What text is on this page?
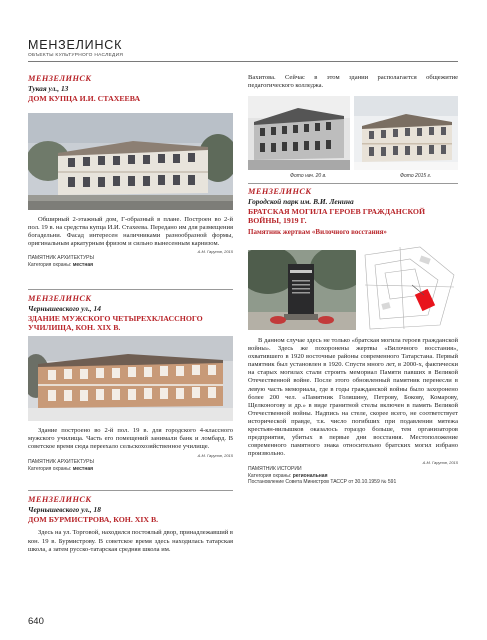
МЕНЗЕЛИНСК
ОБЪЕКТЫ КУЛЬТУРНОГО НАСЛЕДИЯ
МЕНЗЕЛИНСК
Тукая ул., 13
ДОМ КУПЦА И.И. СТАХЕЕВА

Обширный 2-этажный дом, Г-образный в плане. Построен во 2-й пол. 19 в. на средства купца И.И. Стахеева. Передано им для размещения богадельни. Фасад интересен наличниками разнообразной формы, оригинальным аркатурным фризом и сильно вынесенным карнизом.

А.М. Гарунов, 2015
ПАМЯТНИК АРХИТЕКТУРЫ
Категория охраны: местная
МЕНЗЕЛИНСК
Чернышевского ул., 14
ЗДАНИЕ МУЖСКОГО ЧЕТЫРЕХКЛАССНОГО УЧИЛИЩА, КОН. XIX В.

Здание построено во 2-й пол. 19 в. для городского 4-классного мужского училища. Часть его помещений занимали банк и ломбард. В советское время сюда переехало сельскохозяйственное училище.

А.М. Гарунов, 2015
ПАМЯТНИК АРХИТЕКТУРЫ
Категория охраны: местная
МЕНЗЕЛИНСК
Чернышевского ул., 18
ДОМ БУРМИСТРОВА, КОН. XIX В.

Здесь на ул. Торговой, находился постоялый двор, принадлежавший в кон. 19 в. Бурмистрову. В советское время здесь находилась татарская школа, а затем русско-татарская средняя школа им.

640

Вахитова. Сейчас в этом здании располагается общежитие педагогического колледжа.

Фото нач. 20 в.	Фото 2015 г.
МЕНЗЕЛИНСК
Городской парк им. В.И. Ленина
БРАТСКАЯ МОГИЛА ГЕРОЕВ ГРАЖДАНСКОЙ ВОЙНЫ, 1919 Г.
Памятник жертвам «Вилочного восстания»

В данном случае здесь не только «братская могила героев гражданской войны». Здесь же похоронены жертвы «Вилочного восстания», охватившего в 1920 восточные районы современного Татарстана. Первый памятник был установлен в 1920. Спустя много лет, в 2000-х, фактически на старых могилах стали строить мемориал Памяти павших в Великой Отечественной войне. После этого обновленный памятник перенесли в левую часть мемориала, где в годы гражданской войны было захоронено более 200 чел. «Памятник Голяшину, Петрову, Бокову, Комарову, Щелконогову и др.» в виде гранитной стелы включен в память Великой Отечественной войны. Надпись на стеле, скорее всего, не соответствует исторической правде, т.к. число погибших при подавлении мятежа крестьян-вилышков оказалось гораздо больше, тем организаторов предприятия, убитых в первые дни восстания. Местоположение современного памятного знака относительно братских могил избрано произвольно.

А.М. Гарунов, 2015
ПАМЯТНИК ИСТОРИИ
Категория охраны: региональная
Постановление Совета Министров ТАССР от 30.10.1959 № 591
